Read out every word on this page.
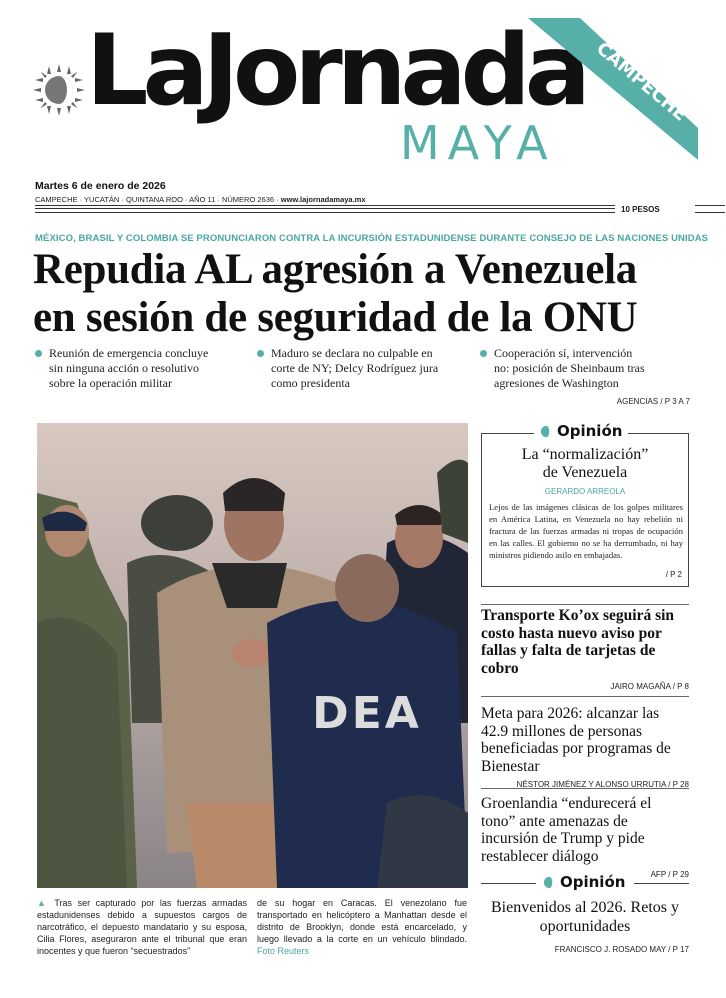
LaJornada
MAYA
CAMPECHE
Martes 6 de enero de 2026
CAMPECHE · YUCATÁN · QUINTANA ROO · AÑO 11 · NÚMERO 2636 · www.lajornadamaya.mx
10 PESOS
MÉXICO, BRASIL Y COLOMBIA SE PRONUNCIARON CONTRA LA INCURSIÓN ESTADUNIDENSE DURANTE CONSEJO DE LAS NACIONES UNIDAS
Repudia AL agresión a Venezuela
en sesión de seguridad de la ONU
Reunión de emergencia concluye
sin ninguna acción o resolutivo
sobre la operación militar
Maduro se declara no culpable en
corte de NY; Delcy Rodríguez jura
como presidenta
Cooperación sí, intervención
no: posición de Sheinbaum tras
agresiones de Washington
AGENCIAS / P 3 A 7
DEA
▲ Tras ser capturado por las fuerzas armadas estadunidenses debido a supuestos cargos de narcotráfico, el depuesto mandatario y su esposa, Cilia Flores, aseguraron ante el tribunal que eran inocentes y que fueron “secuestrados”
de su hogar en Caracas. El venezolano fue transportado en helicóptero a Manhattan desde el distrito de Brooklyn, donde está encarcelado, y luego llevado a la corte en un vehículo blindado. Foto Reuters
Opinión
La “normalización”
de Venezuela
GERARDO ARREOLA
Lejos de las imágenes clásicas de los golpes militares en América Latina, en Venezuela no hay rebelión ni fractura de las fuerzas armadas ni tropas de ocupación en las calles. El gobierno no se ha derrumbado, ni hay ministros pidiendo asilo en embajadas.
/ P 2
Transporte Ko’ox seguirá sin costo hasta nuevo aviso por fallas y falta de tarjetas de cobro
JAIRO MAGAÑA / P 8
Meta para 2026: alcanzar las 42.9 millones de personas beneficiadas por programas de Bienestar
NÉSTOR JIMÉNEZ Y ALONSO URRUTIA / P 28
Groenlandia “endurecerá el tono” ante amenazas de incursión de Trump y pide restablecer diálogo
AFP / P 29
Opinión
Bienvenidos al 2026. Retos y oportunidades
FRANCISCO J. ROSADO MAY / P 17
